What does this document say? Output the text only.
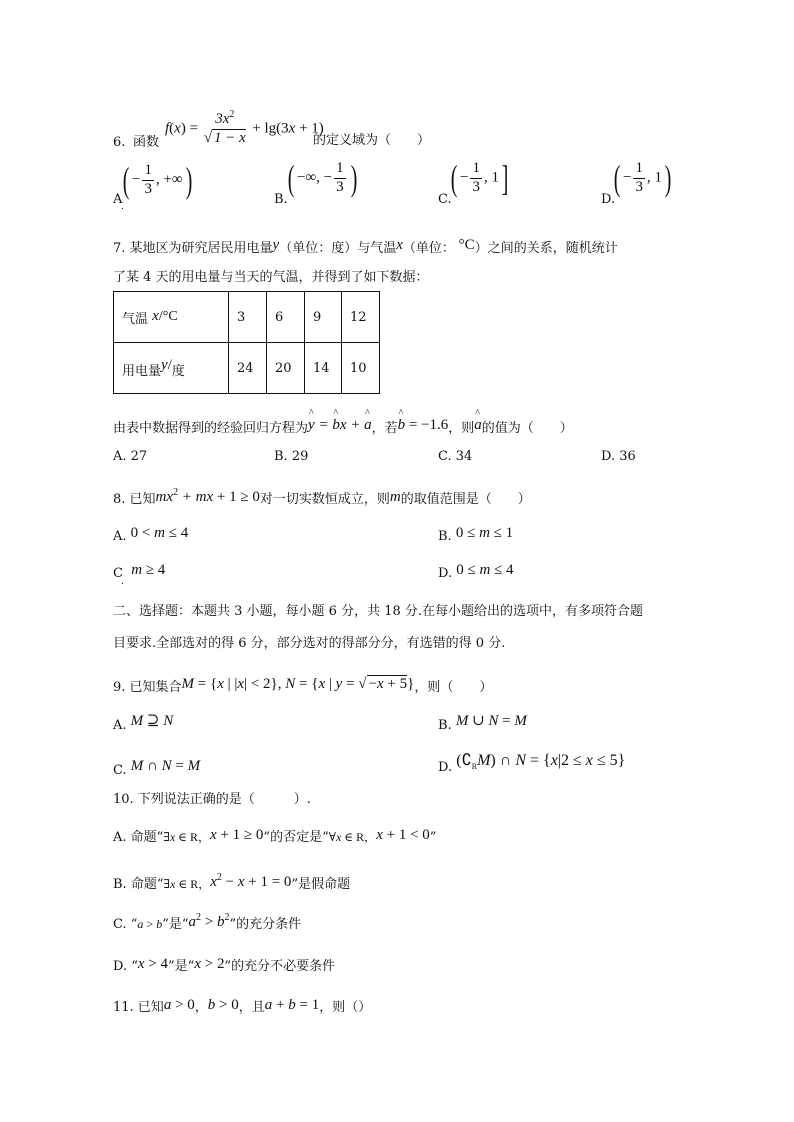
$f(x) = \frac{3x^2}{√ 1 - x} + \lg(3x + 1)$
6. 函数	的定义域为（　　）
A
.
( − $\frac{1}{3}$ , +∞)	B.
( −∞, − $\frac{1}{3}$ )
C.
( − $\frac{1}{3}$ , 1]
D.
( − $\frac{1}{3}$ , 1)
7. 某地区为研究居民用电量y（单位：度）与气温x（单位： °C）之间的关系，随机统计
了某 4 天的用电量与当天的气温，并得到了如下数据：
气温 x/°C	3	6	9	12
用电量y/度	24	20	14	10
由表中数据得到的经验回归方程为^ y = ^ bx + ^ a，若^ b = −1.6，则^ a的值为（　　）
A. 27	B. 29	C. 34	D. 36
8. 已知$mx^2$ + mx + 1 ≥ 0对一切实数恒成立，则m的取值范围是（　　）
A. 0 < m ≤ 4	B. 0 ≤ m ≤ 1
C m ≥ 4
.
D. 0 ≤ m ≤ 4
二、选择题：本题共 3 小题，每小题 6 分，共 18 分.在每小题给出的选项中，有多项符合题
目要求.全部选对的得 6 分，部分选对的得部分分，有选错的得 0 分.
9. 已知集合M = {x | |x| < 2}, N = {x | y = √ −x + 5}，则（　　）
A. M ⊇ N	B. M ∪ N = M
C. M ∩ N = M	D. $(∁_RM)$ ∩ N = {x|2 ≤ x ≤ 5}
10. 下列说法正确的是（　　　）.
A. 命题“∃x ∈ R，x + 1 ≥ 0”的否定是“∀x ∈ R，x + 1 < 0”
B. 命题“∃x ∈ R，$x^2 - x + 1 = 0$”是假命题
C. “a > b”是“$a^2 > b^2$”的充分条件
D. “x > 4”是“x > 2”的充分不必要条件
11. 已知a > 0，b > 0，且a + b = 1，则（）
